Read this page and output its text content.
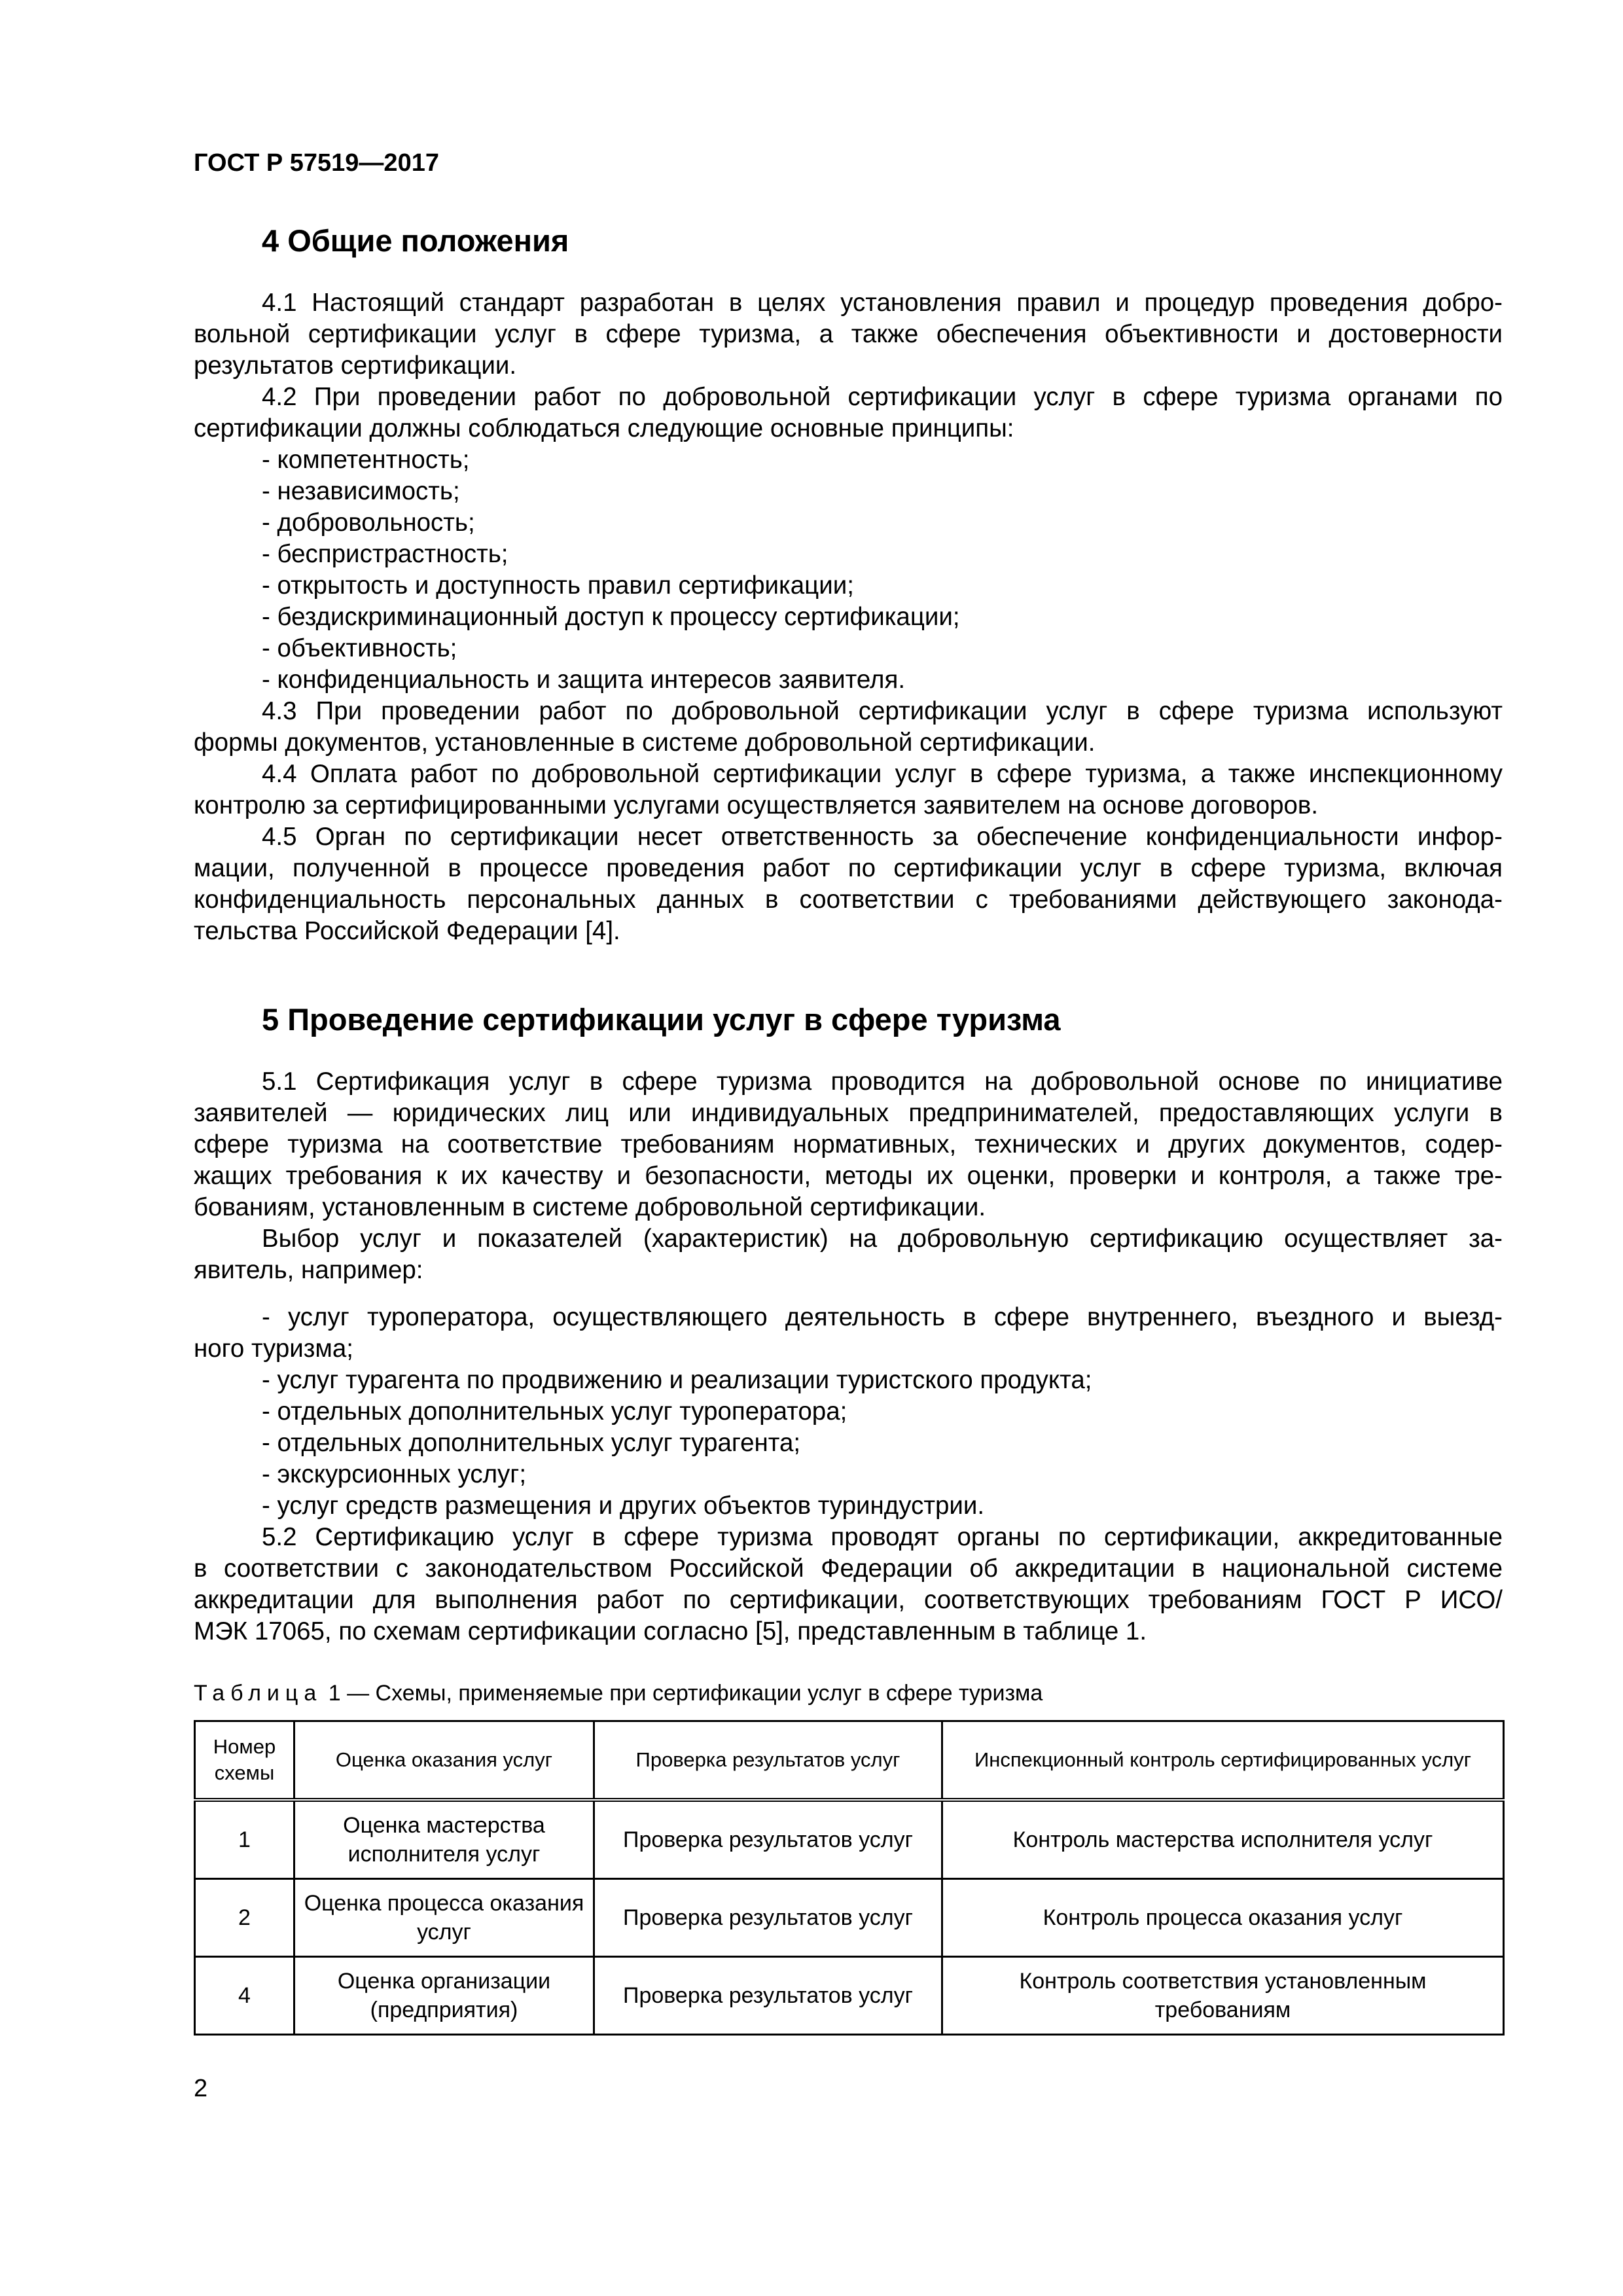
ГОСТ Р 57519—2017
4 Общие положения
4.1 Настоящий стандарт разработан в целях установления правил и процедур проведения добро-
вольной сертификации услуг в сфере туризма, а также обеспечения объективности и достоверности
результатов сертификации.
4.2 При проведении работ по добровольной сертификации услуг в сфере туризма органами по
сертификации должны соблюдаться следующие основные принципы:
- компетентность;
- независимость;
- добровольность;
- беспристрастность;
- открытость и доступность правил сертификации;
- бездискриминационный доступ к процессу сертификации;
- объективность;
- конфиденциальность и защита интересов заявителя.
4.3 При проведении работ по добровольной сертификации услуг в сфере туризма используют
формы документов, установленные в системе добровольной сертификации.
4.4 Оплата работ по добровольной сертификации услуг в сфере туризма, а также инспекционному
контролю за сертифицированными услугами осуществляется заявителем на основе договоров.
4.5 Орган по сертификации несет ответственность за обеспечение конфиденциальности инфор-
мации, полученной в процессе проведения работ по сертификации услуг в сфере туризма, включая
конфиденциальность персональных данных в соответствии с требованиями действующего законода-
тельства Российской Федерации [4].
5 Проведение сертификации услуг в сфере туризма
5.1 Сертификация услуг в сфере туризма проводится на добровольной основе по инициативе
заявителей — юридических лиц или индивидуальных предпринимателей, предоставляющих услуги в
сфере туризма на соответствие требованиям нормативных, технических и других документов, содер-
жащих требования к их качеству и безопасности, методы их оценки, проверки и контроля, а также тре-
бованиям, установленным в системе добровольной сертификации.
Выбор услуг и показателей (характеристик) на добровольную сертификацию осуществляет за-
явитель, например:
- услуг туроператора, осуществляющего деятельность в сфере внутреннего, въездного и выезд-
ного туризма;
- услуг турагента по продвижению и реализации туристского продукта;
- отдельных дополнительных услуг туроператора;
- отдельных дополнительных услуг турагента;
- экскурсионных услуг;
- услуг средств размещения и других объектов туриндустрии.
5.2 Сертификацию услуг в сфере туризма проводят органы по сертификации, аккредитованные
в соответствии с законодательством Российской Федерации об аккредитации в национальной системе
аккредитации для выполнения работ по сертификации, соответствующих требованиям ГОСТ Р ИСО/
МЭК 17065, по схемам сертификации согласно [5], представленным в таблице 1.
Таблица 1 — Схемы, применяемые при сертификации услуг в сфере туризма
Номер схемы	Оценка оказания услуг	Проверка результатов услуг	Инспекционный контроль сертифицированных услуг
1	Оценка мастерства исполнителя услуг	Проверка результатов услуг	Контроль мастерства исполнителя услуг
2	Оценка процесса оказания услуг	Проверка результатов услуг	Контроль процесса оказания услуг
4	Оценка организации (предприятия)	Проверка результатов услуг	Контроль соответствия установленным требованиям
2
